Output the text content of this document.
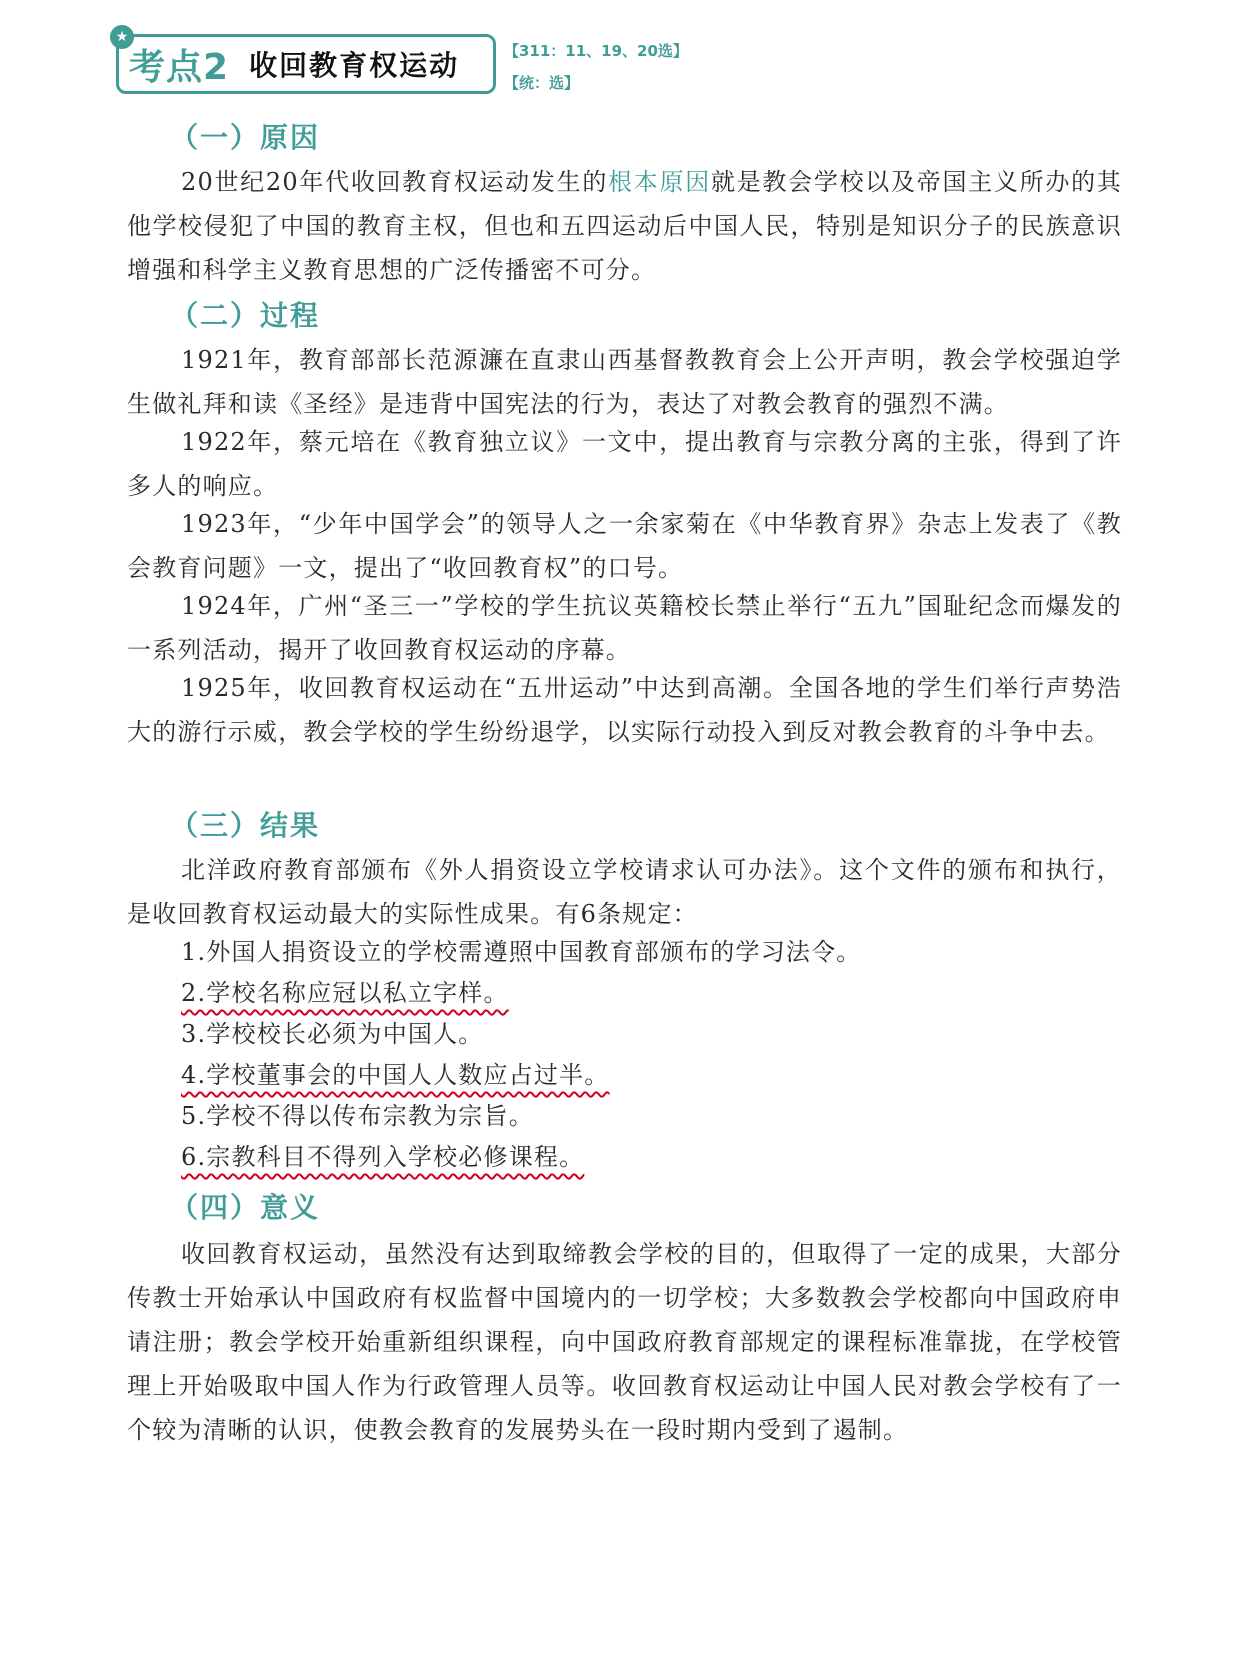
★
考点2 收回教育权运动	【311：11、19、20选】
【统：选】
（一）原因

20世纪20年代收回教育权运动发生的根本原因就是教会学校以及帝国主义所办的其他学校侵犯了中国的教育主权，但也和五四运动后中国人民，特别是知识分子的民族意识增强和科学主义教育思想的广泛传播密不可分。

（二）过程

1921年，教育部部长范源濂在直隶山西基督教教育会上公开声明，教会学校强迫学生做礼拜和读《圣经》是违背中国宪法的行为，表达了对教会教育的强烈不满。

1922年，蔡元培在《教育独立议》一文中，提出教育与宗教分离的主张，得到了许多人的响应。

1923年，“少年中国学会”的领导人之一余家菊在《中华教育界》杂志上发表了《教会教育问题》一文，提出了“收回教育权”的口号。

1924年，广州“圣三一”学校的学生抗议英籍校长禁止举行“五九”国耻纪念而爆发的一系列活动，揭开了收回教育权运动的序幕。

1925年，收回教育权运动在“五卅运动”中达到高潮。全国各地的学生们举行声势浩大的游行示威，教会学校的学生纷纷退学，以实际行动投入到反对教会教育的斗争中去。

（三）结果

北洋政府教育部颁布《外人捐资设立学校请求认可办法》。这个文件的颁布和执行，是收回教育权运动最大的实际性成果。有6条规定：

1.外国人捐资设立的学校需遵照中国教育部颁布的学习法令。
2.学校名称应冠以私立字样。
3.学校校长必须为中国人。
4.学校董事会的中国人人数应占过半。
5.学校不得以传布宗教为宗旨。
6.宗教科目不得列入学校必修课程。
（四）意义

收回教育权运动，虽然没有达到取缔教会学校的目的，但取得了一定的成果，大部分传教士开始承认中国政府有权监督中国境内的一切学校；大多数教会学校都向中国政府申请注册；教会学校开始重新组织课程，向中国政府教育部规定的课程标准靠拢，在学校管理上开始吸取中国人作为行政管理人员等。收回教育权运动让中国人民对教会学校有了一个较为清晰的认识，使教会教育的发展势头在一段时期内受到了遏制。
